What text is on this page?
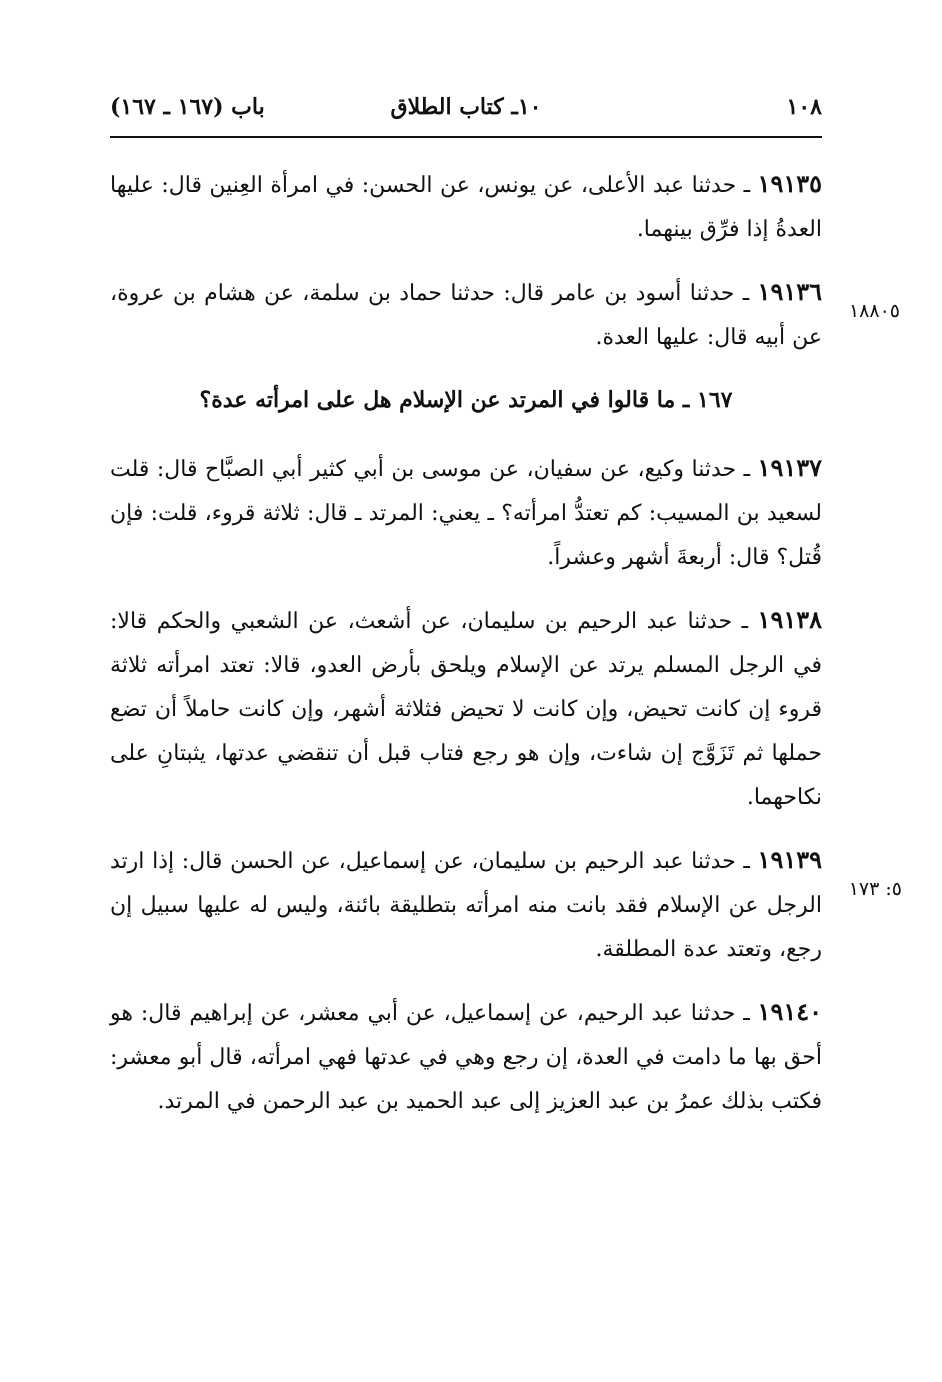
١٠٨
١٠ـ كتاب الطلاق
باب (١٦٧ ـ ١٦٧)
١٨٨٠٥
٥: ١٧٣

١٩١٣٥ ـ حدثنا عبد الأعلى، عن يونس، عن الحسن: في امرأة العِنين قال: عليها العدةُ إذا فرِّق بينهما.

١٩١٣٦ ـ حدثنا أسود بن عامر قال: حدثنا حماد بن سلمة، عن هشام بن عروة، عن أبيه قال: عليها العدة.

١٦٧ ـ ما قالوا في المرتد عن الإسلام هل على امرأته عدة؟

١٩١٣٧ ـ حدثنا وكيع، عن سفيان، عن موسى بن أبي كثير أبي الصبَّاح قال: قلت لسعيد بن المسيب: كم تعتدُّ امرأته؟ ـ يعني: المرتد ـ قال: ثلاثة قروء، قلت: فإن قُتل؟ قال: أربعةَ أشهر وعشراً.

١٩١٣٨ ـ حدثنا عبد الرحيم بن سليمان، عن أشعث، عن الشعبي والحكم قالا: في الرجل المسلم يرتد عن الإسلام ويلحق بأرض العدو، قالا: تعتد امرأته ثلاثة قروء إن كانت تحيض، وإن كانت لا تحيض فثلاثة أشهر، وإن كانت حاملاً أن تضع حملها ثم تَزَوَّج إن شاءت، وإن هو رجع فتاب قبل أن تنقضي عدتها، يثبتانِ على نكاحهما.

١٩١٣٩ ـ حدثنا عبد الرحيم بن سليمان، عن إسماعيل، عن الحسن قال: إذا ارتد الرجل عن الإسلام فقد بانت منه امرأته بتطليقة بائنة، وليس له عليها سبيل إن رجع، وتعتد عدة المطلقة.

١٩١٤٠ ـ حدثنا عبد الرحيم، عن إسماعيل، عن أبي معشر، عن إبراهيم قال: هو أحق بها ما دامت في العدة، إن رجع وهي في عدتها فهي امرأته، قال أبو معشر: فكتب بذلك عمرُ بن عبد العزيز إلى عبد الحميد بن عبد الرحمن في المرتد.
